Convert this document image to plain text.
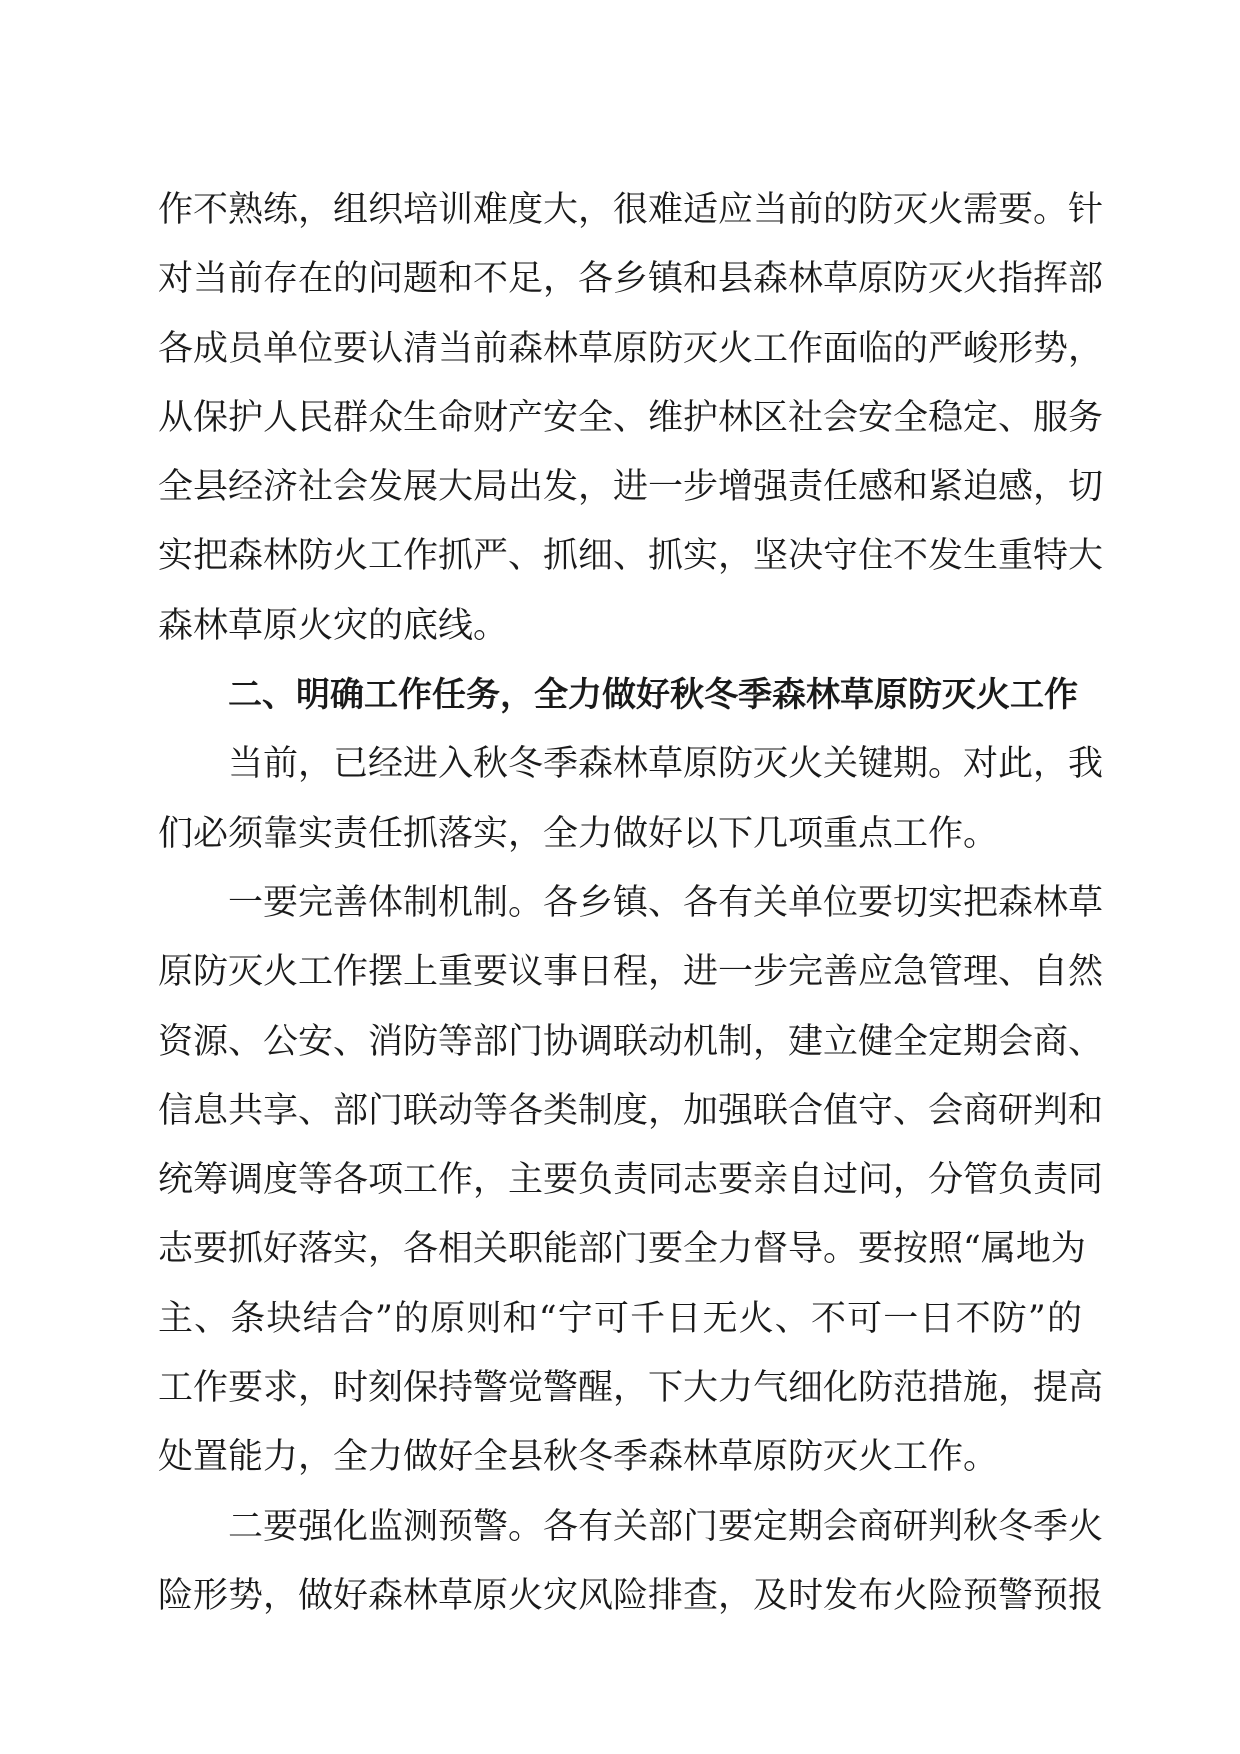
作不熟练，组织培训难度大，很难适应当前的防灭火需要。针
对当前存在的问题和不足，各乡镇和县森林草原防灭火指挥部
各成员单位要认清当前森林草原防灭火工作面临的严峻形势，
从保护人民群众生命财产安全、维护林区社会安全稳定、服务
全县经济社会发展大局出发，进一步增强责任感和紧迫感，切
实把森林防火工作抓严、抓细、抓实，坚决守住不发生重特大
森林草原火灾的底线。
二、明确工作任务，全力做好秋冬季森林草原防灭火工作
当前，已经进入秋冬季森林草原防灭火关键期。对此，我
们必须靠实责任抓落实，全力做好以下几项重点工作。
一要完善体制机制。各乡镇、各有关单位要切实把森林草
原防灭火工作摆上重要议事日程，进一步完善应急管理、自然
资源、公安、消防等部门协调联动机制，建立健全定期会商、
信息共享、部门联动等各类制度，加强联合值守、会商研判和
统筹调度等各项工作，主要负责同志要亲自过问，分管负责同
志要抓好落实，各相关职能部门要全力督导。要按照“属地为
主、条块结合”的原则和“宁可千日无火、不可一日不防”的
工作要求，时刻保持警觉警醒，下大力气细化防范措施，提高
处置能力，全力做好全县秋冬季森林草原防灭火工作。
二要强化监测预警。各有关部门要定期会商研判秋冬季火
险形势，做好森林草原火灾风险排查，及时发布火险预警预报
